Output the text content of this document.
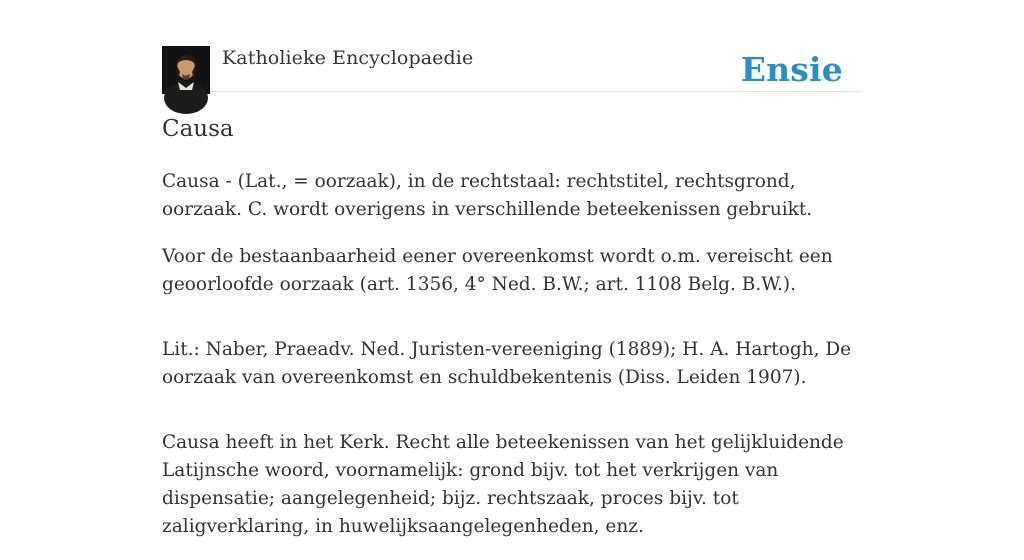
Katholieke Encyclopaedie	Ensie
Causa

Causa - (Lat., = oorzaak), in de rechtstaal: rechtstitel, rechtsgrond, oorzaak. C. wordt overigens in verschillende beteekenissen gebruikt.

Voor de bestaanbaarheid eener overeenkomst wordt o.m. vereischt een geoorloofde oorzaak (art. 1356, 4° Ned. B.W.; art. 1108 Belg. B.W.).

Lit.: Naber, Praeadv. Ned. Juristen-vereeniging (1889); H. A. Hartogh, De oorzaak van overeenkomst en schuldbekentenis (Diss. Leiden 1907).

Causa heeft in het Kerk. Recht alle beteekenissen van het gelijkluidende Latijnsche woord, voornamelijk: grond bijv. tot het verkrijgen van dispensatie; aangelegenheid; bijz. rechtszaak, proces bijv. tot zaligverklaring, in huwelijksaangelegenheden, enz.
